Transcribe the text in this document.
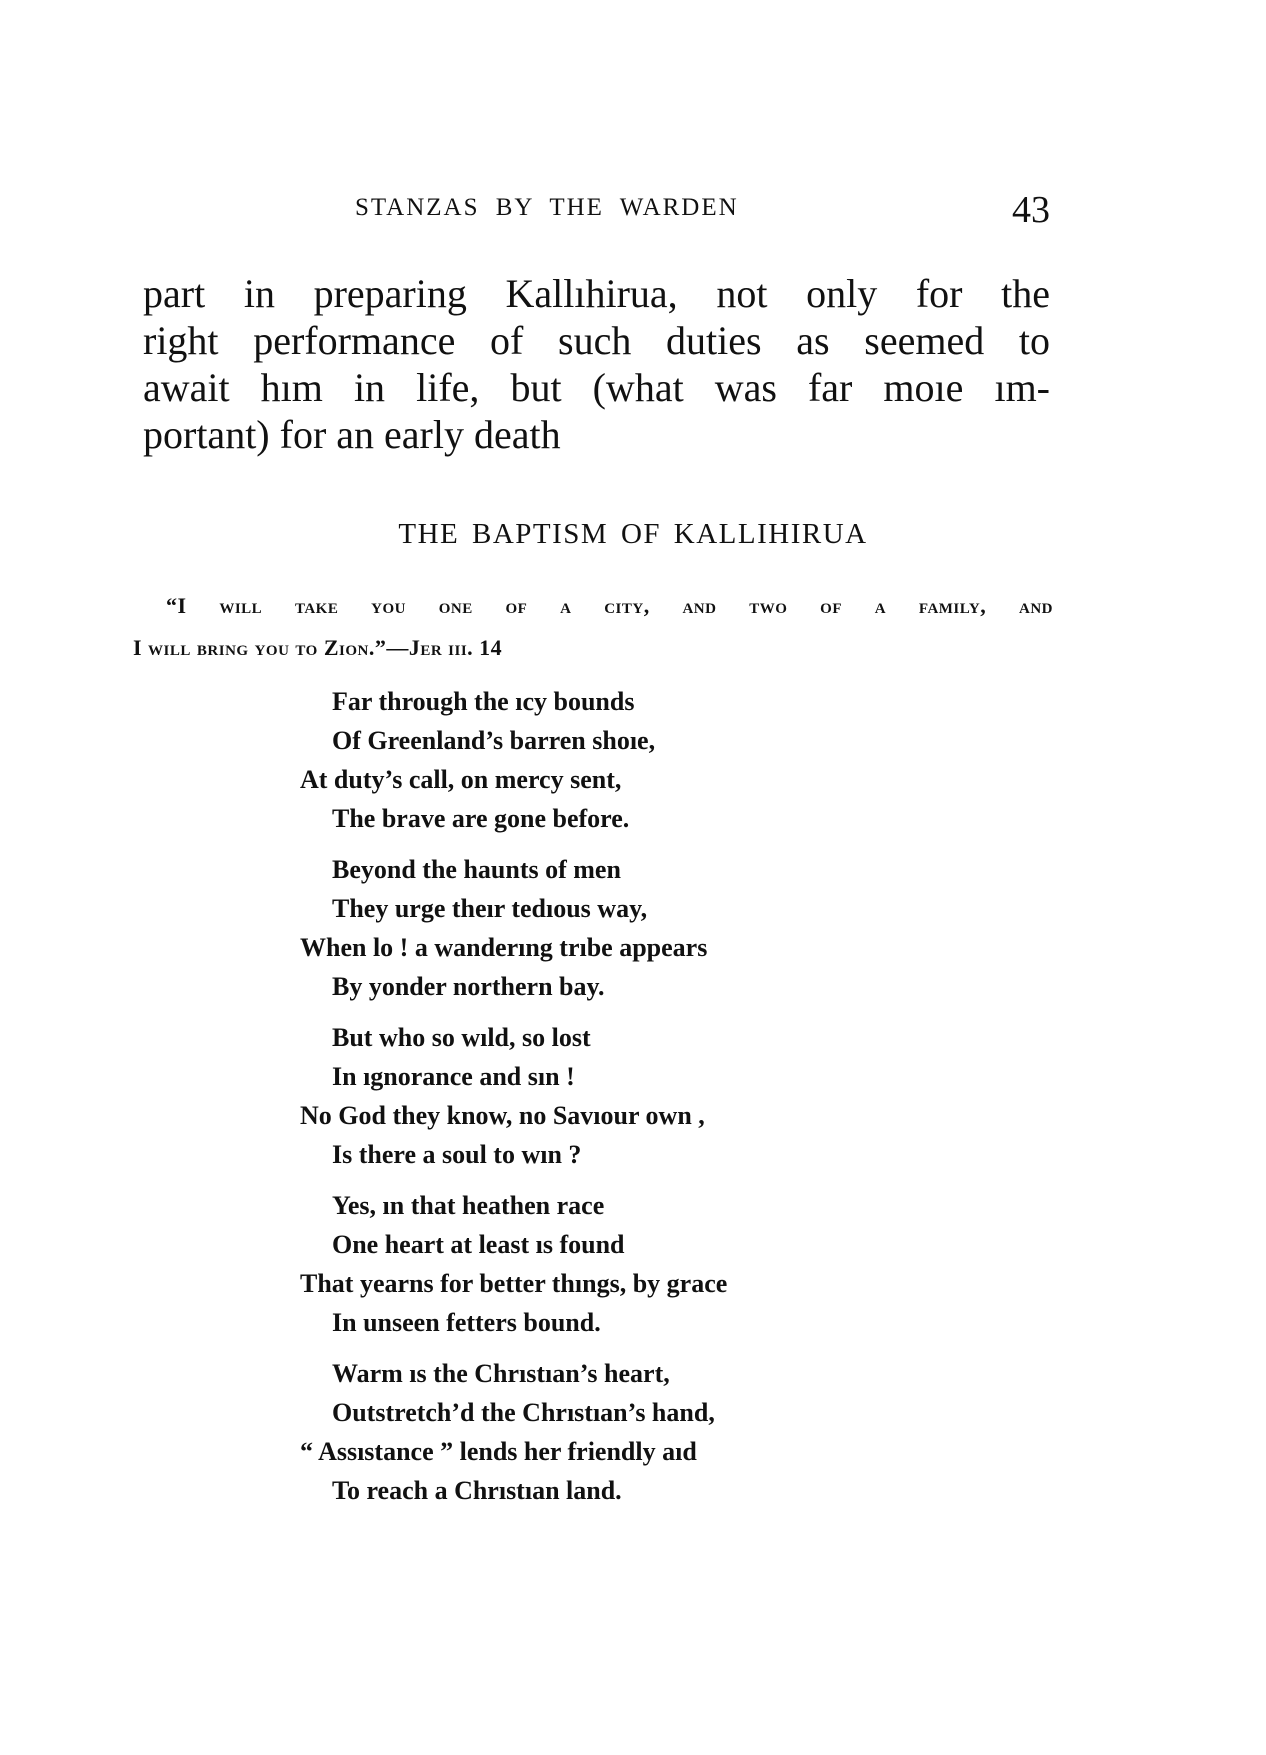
STANZAS BY THE WARDEN	43
part in preparing Kallıhirua, not only for the
right performance of such duties as seemed to
await hım in life, but (what was far moıe ım-
portant) for an early death
THE BAPTISM OF KALLIHIRUA
“I will take you one of a city, and two of a family, and
I will bring you to Zion.”—Jer ııı. 14
Far through the ıcy bounds
Of Greenland’s barren shoıe,
At duty’s call, on mercy sent,
The brave are gone before.
Beyond the haunts of men
They urge theır tedıous way,
When lo ! a wanderıng trıbe appears
By yonder northern bay.
But who so wıld, so lost
In ıgnorance and sın !
No God they know, no Savıour own ,
Is there a soul to wın ?
Yes, ın that heathen race
One heart at least ıs found
That yearns for better thıngs, by grace
In unseen fetters bound.
Warm ıs the Chrıstıan’s heart,
Outstretch’d the Chrıstıan’s hand,
“ Assıstance ” lends her friendly aıd
To reach a Chrıstıan land.
